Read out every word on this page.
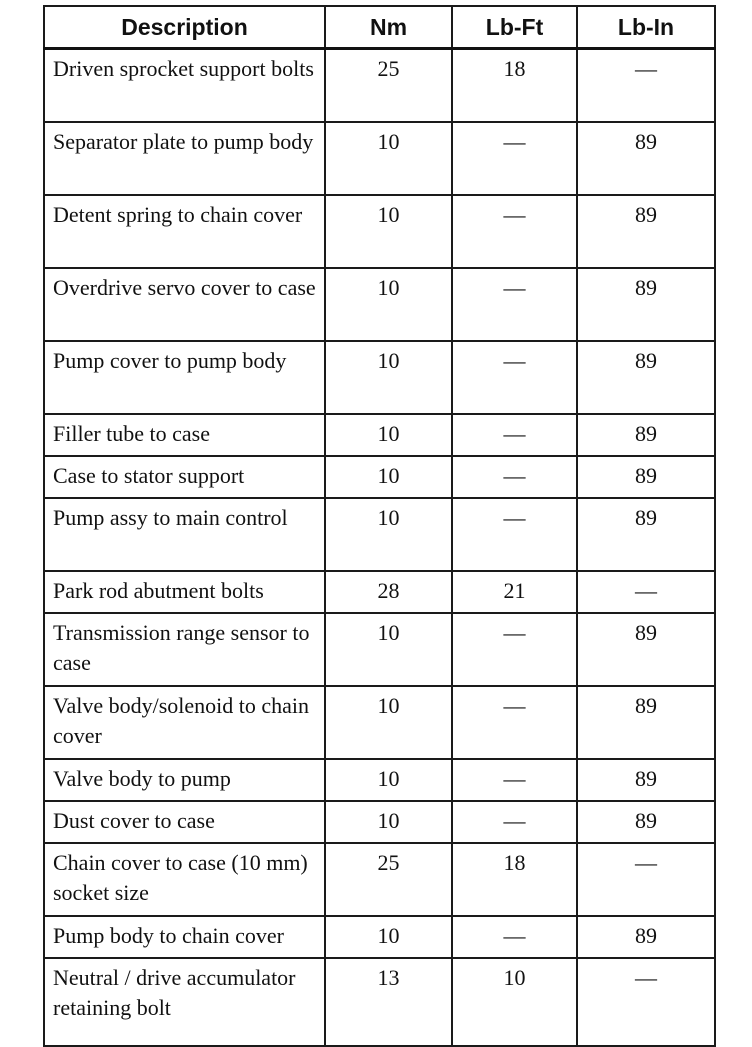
Description	Nm	Lb-Ft	Lb-In
Driven sprocket support bolts	25	18	—
Separator plate to pump body	10	—	89
Detent spring to chain cover	10	—	89
Overdrive servo cover to case	10	—	89
Pump cover to pump body	10	—	89
Filler tube to case	10	—	89
Case to stator support	10	—	89
Pump assy to main control	10	—	89
Park rod abutment bolts	28	21	—
Transmission range sensor to case	10	—	89
Valve body/solenoid to chain cover	10	—	89
Valve body to pump	10	—	89
Dust cover to case	10	—	89
Chain cover to case (10 mm) socket size	25	18	—
Pump body to chain cover	10	—	89
Neutral / drive accumulator retaining bolt	13	10	—
